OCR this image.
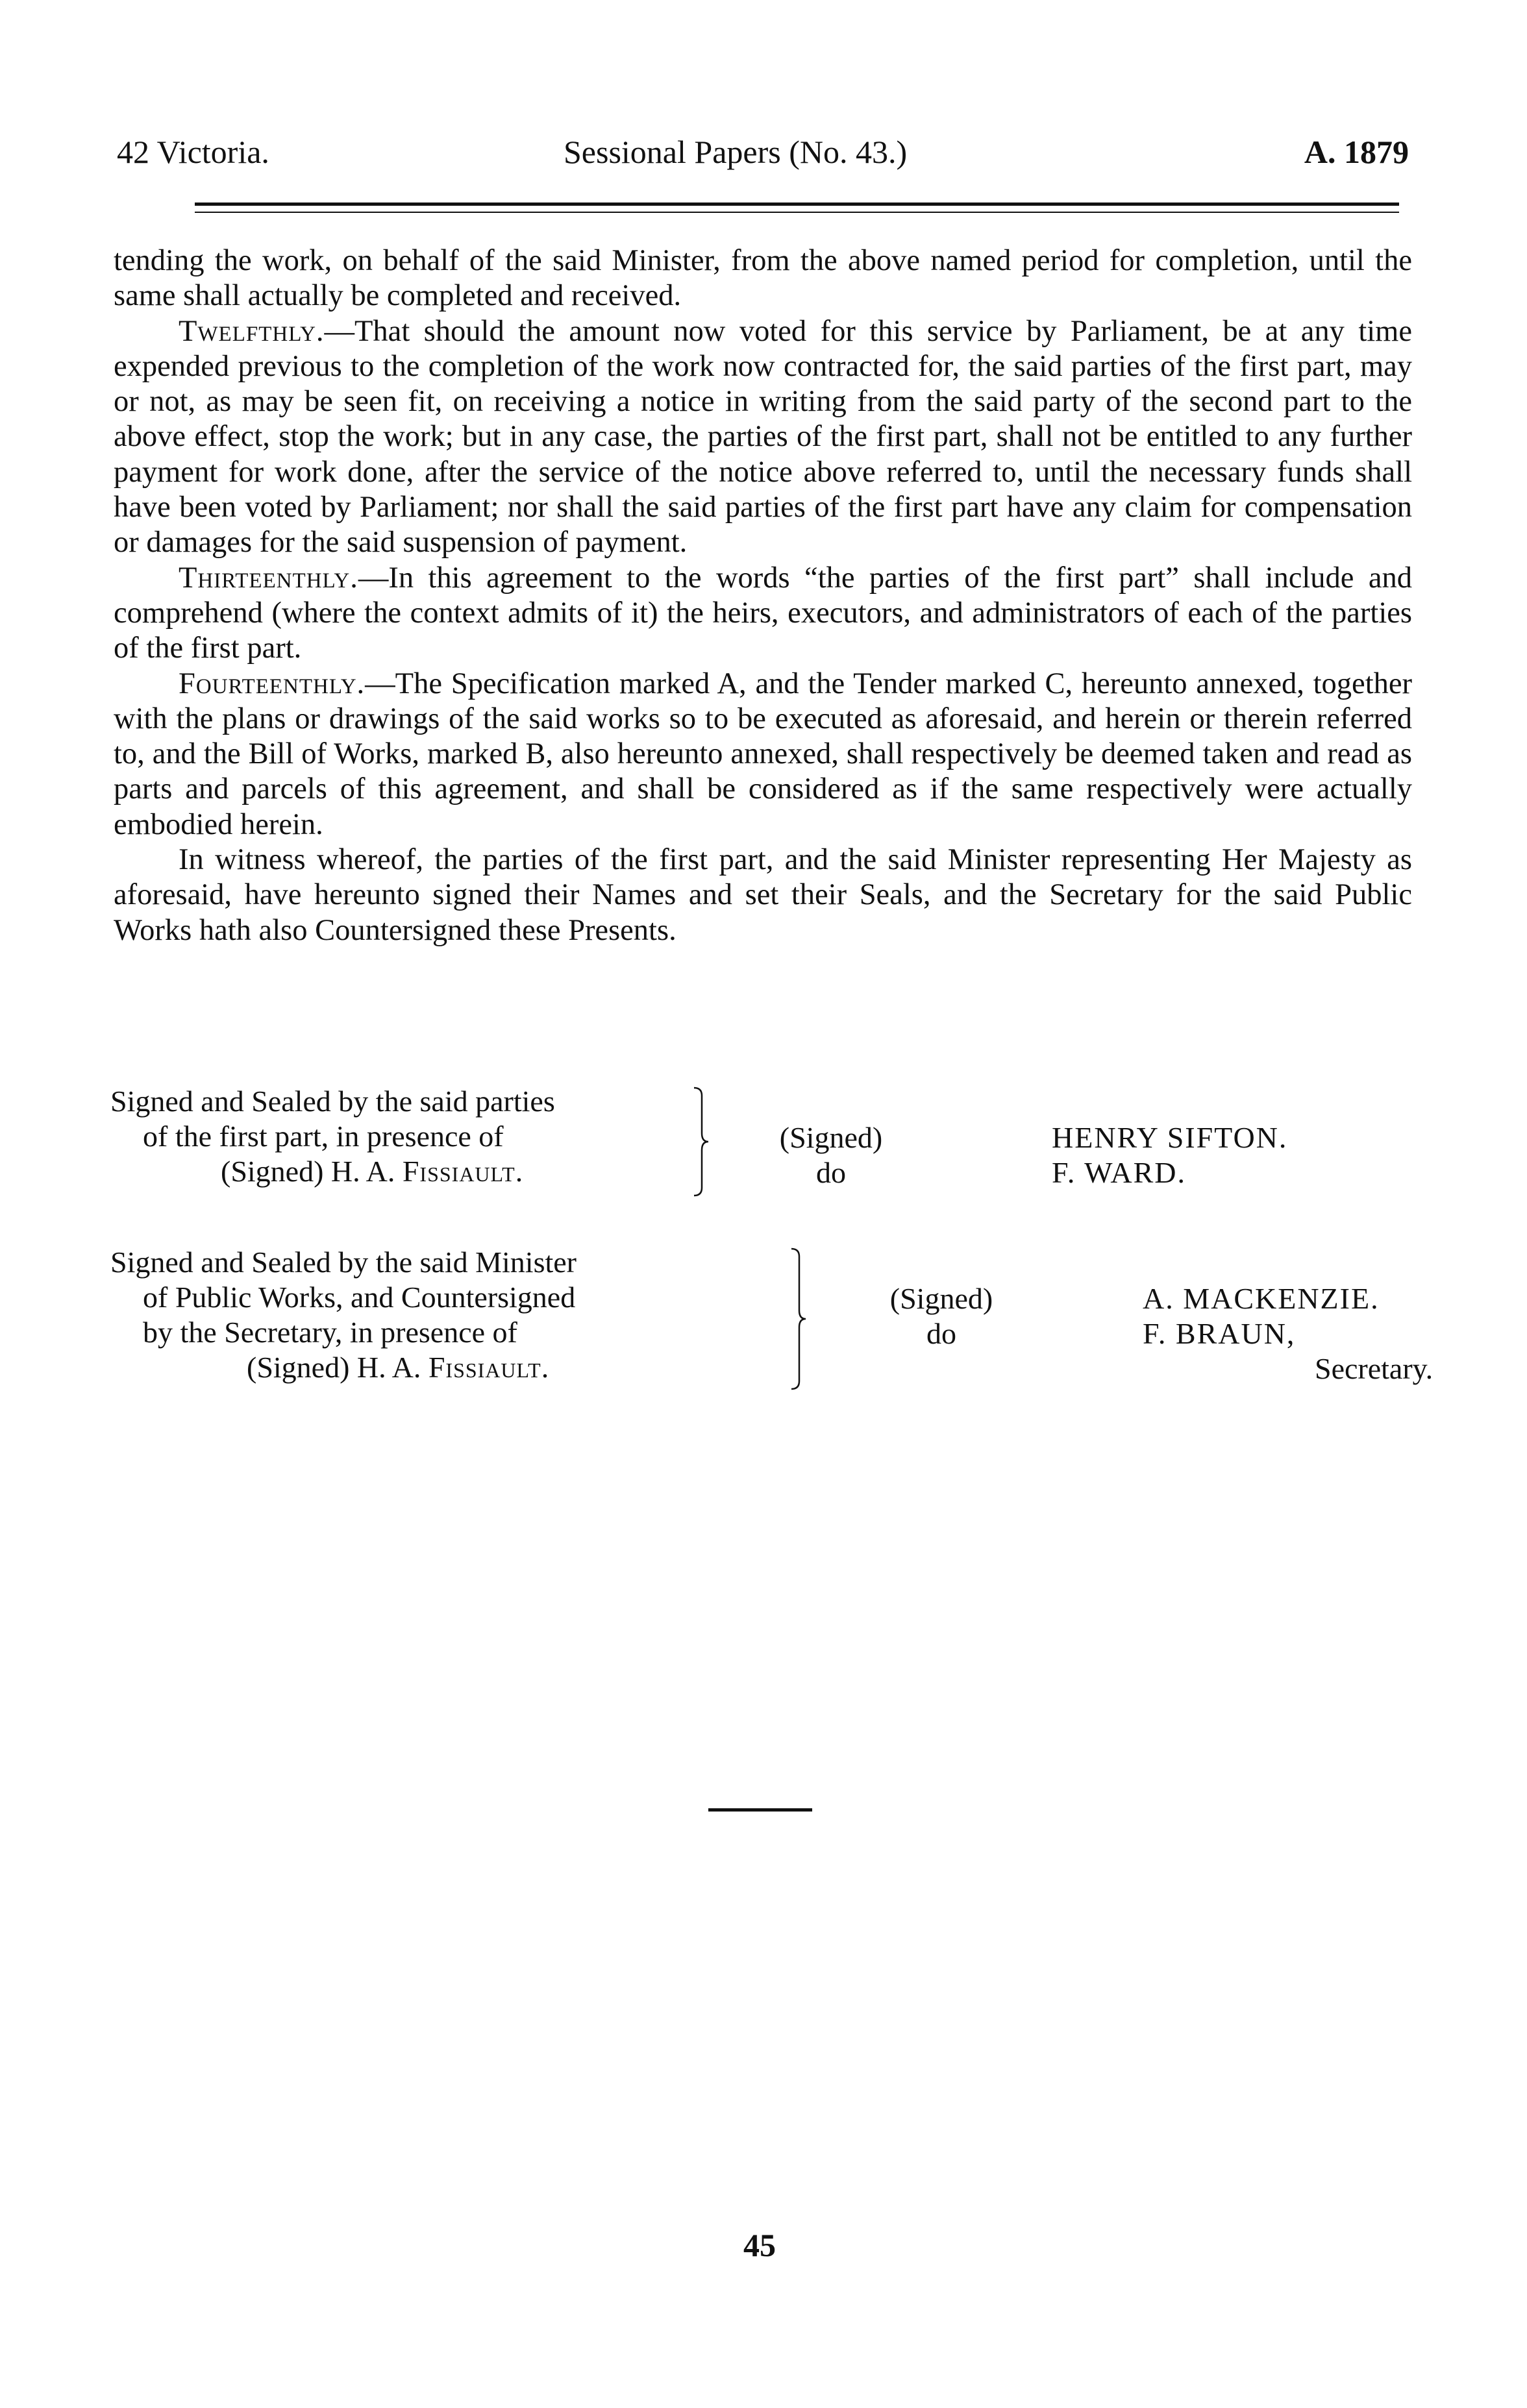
42 Victoria.	Sessional Papers (No. 43.)	A. 1879

tending the work, on behalf of the said Minister, from the above named period for completion, until the same shall actually be completed and received.

Twelfthly.—That should the amount now voted for this service by Parliament, be at any time expended previous to the completion of the work now contracted for, the said parties of the first part, may or not, as may be seen fit, on receiving a notice in writing from the said party of the second part to the above effect, stop the work; but in any case, the parties of the first part, shall not be entitled to any further payment for work done, after the service of the notice above referred to, until the necessary funds shall have been voted by Parliament; nor shall the said parties of the first part have any claim for compensation or damages for the said suspension of payment.

Thirteenthly.—In this agreement to the words “the parties of the first part” shall include and comprehend (where the context admits of it) the heirs, executors, and administrators of each of the parties of the first part.

Fourteenthly.—The Specification marked A, and the Tender marked C, hereunto annexed, together with the plans or drawings of the said works so to be executed as aforesaid, and herein or therein referred to, and the Bill of Works, marked B, also hereunto annexed, shall respectively be deemed taken and read as parts and parcels of this agreement, and shall be considered as if the same respectively were actually embodied herein.

In witness whereof, the parties of the first part, and the said Minister representing Her Majesty as aforesaid, have hereunto signed their Names and set their Seals, and the Secretary for the said Public Works hath also Countersigned these Presents.

Signed and Sealed by the said parties
of the first part, in presence of
(Signed) H. A. Fissiault.
(Signed)
do
HENRY SIFTON.
F. WARD.
Signed and Sealed by the said Minister
of Public Works, and Countersigned
by the Secretary, in presence of
(Signed) H. A. Fissiault.
(Signed)
do
A. MACKENZIE.
F. BRAUN,
Secretary.
45
